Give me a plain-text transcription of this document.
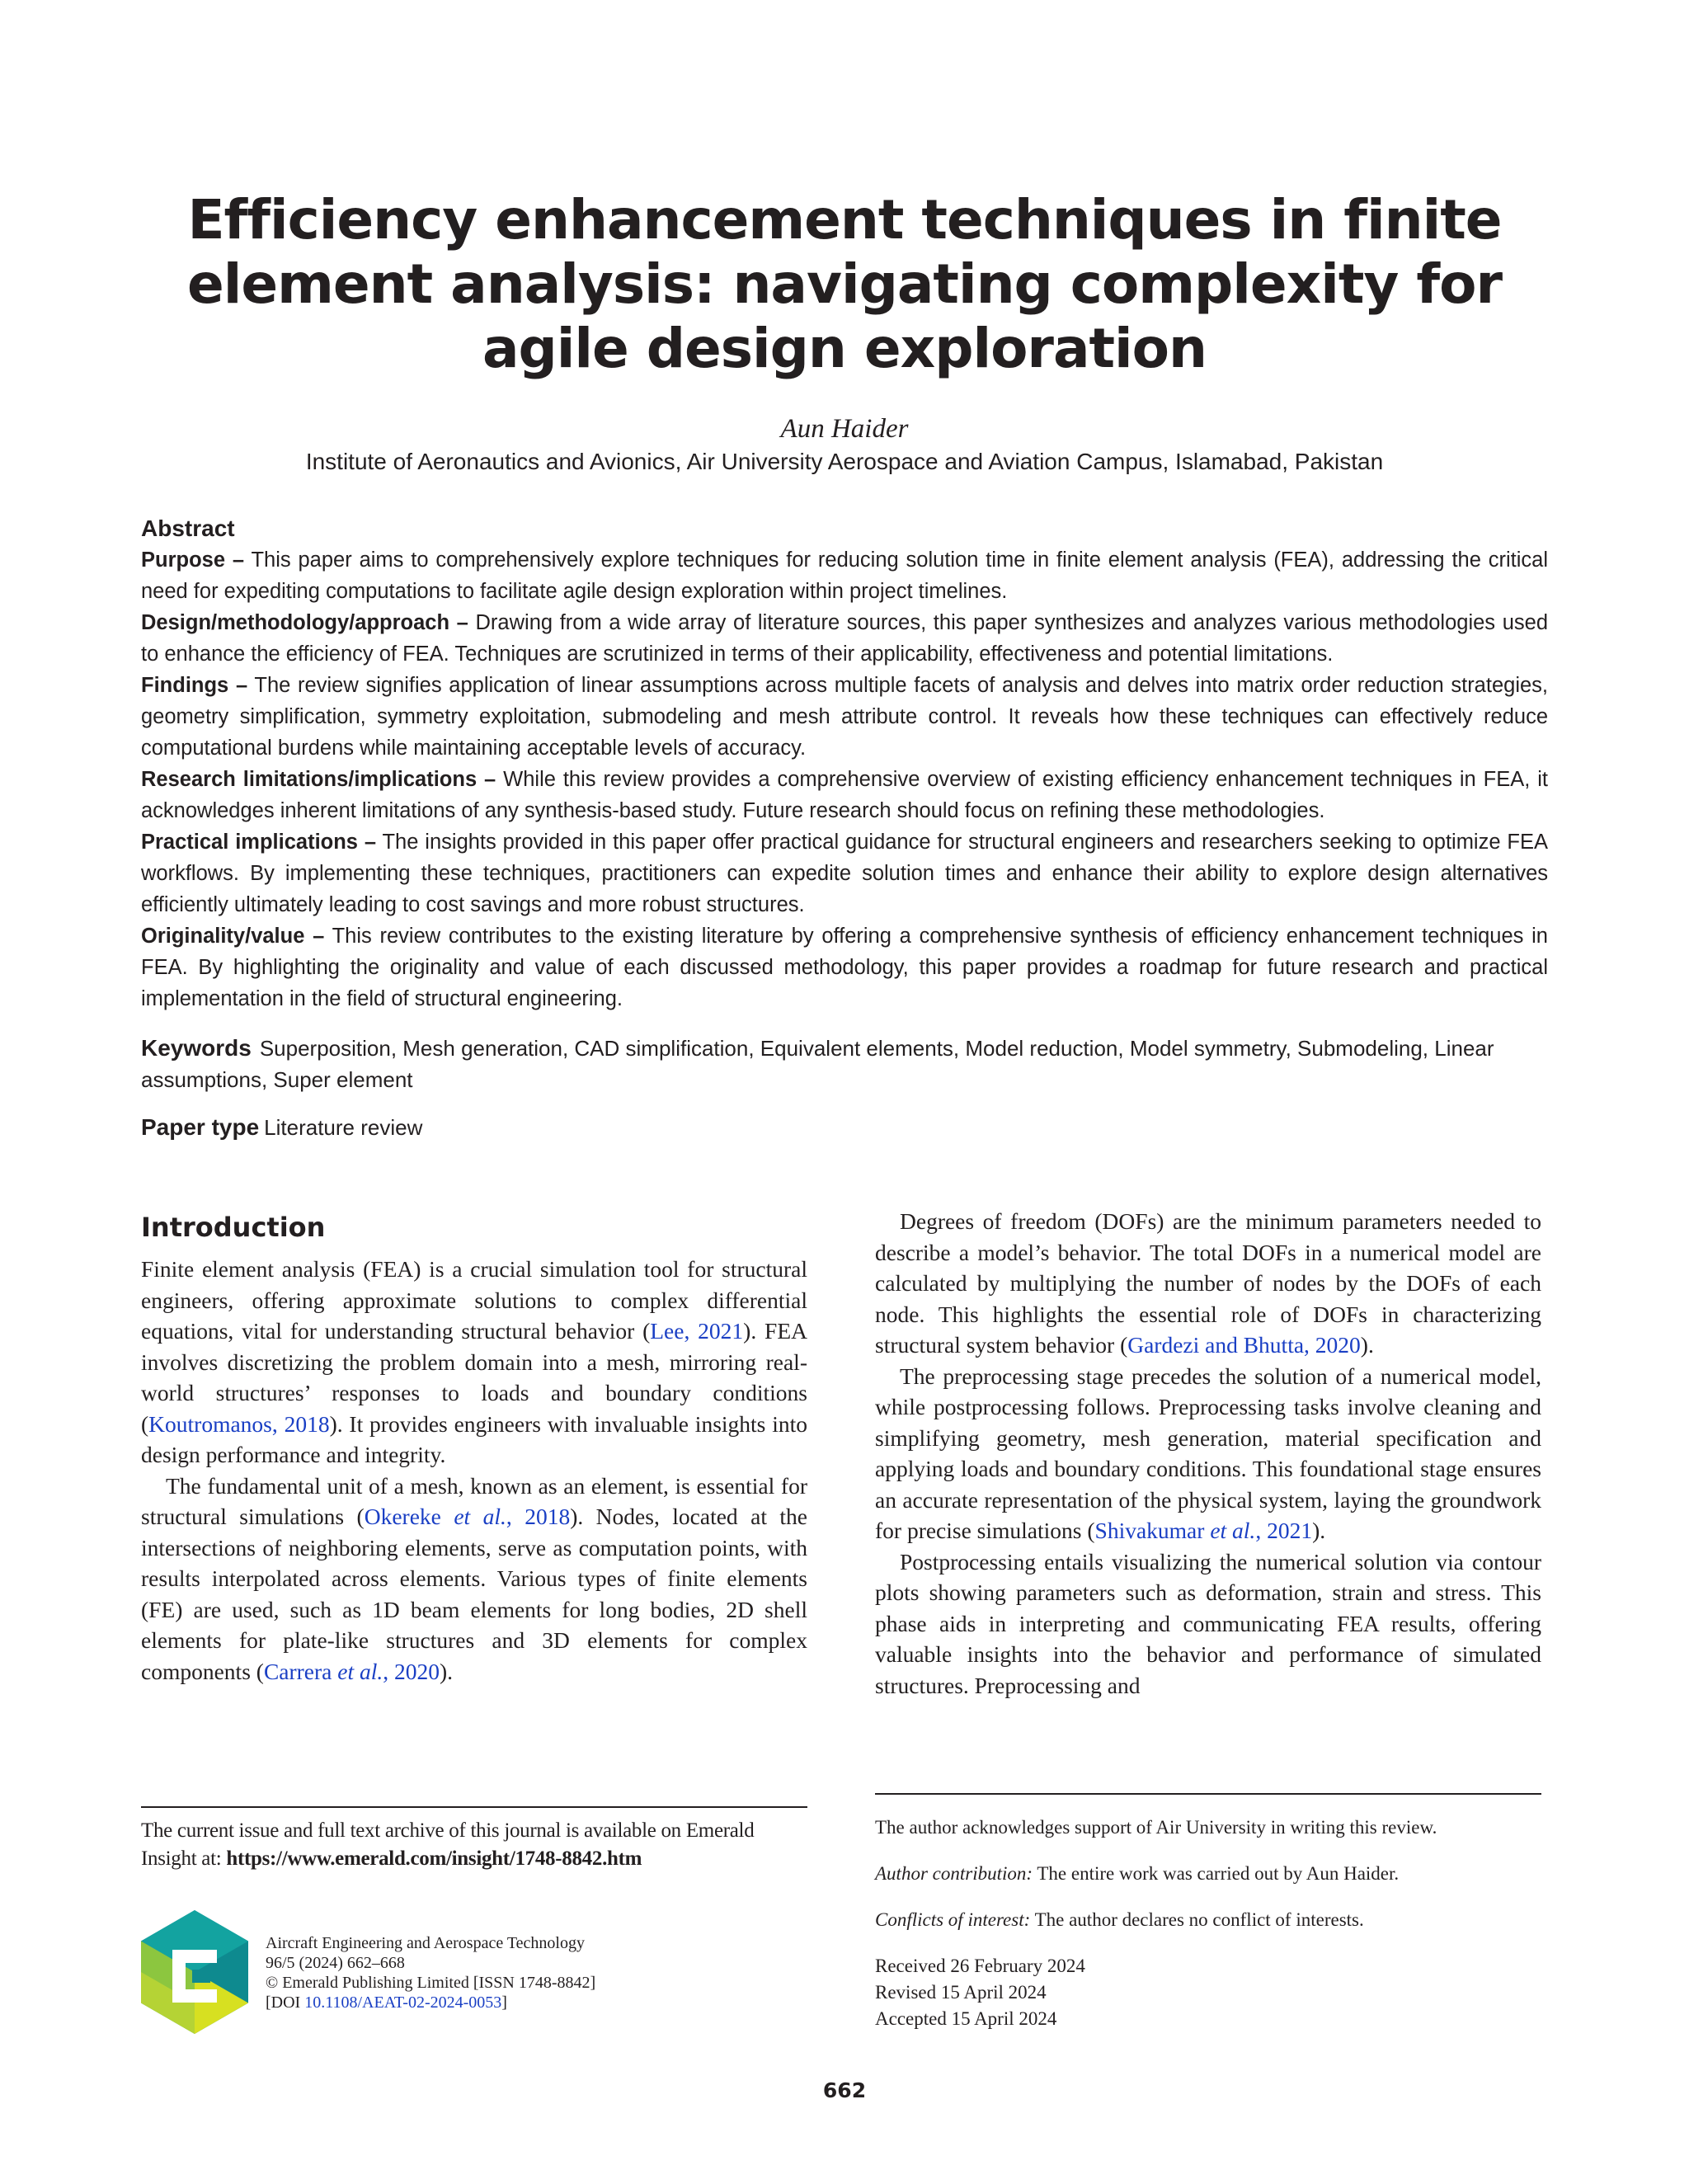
Efficiency enhancement techniques in finite element analysis: navigating complexity for agile design exploration
Aun Haider
Institute of Aeronautics and Avionics, Air University Aerospace and Aviation Campus, Islamabad, Pakistan
Abstract

Purpose – This paper aims to comprehensively explore techniques for reducing solution time in finite element analysis (FEA), addressing the critical need for expediting computations to facilitate agile design exploration within project timelines.

Design/methodology/approach – Drawing from a wide array of literature sources, this paper synthesizes and analyzes various methodologies used to enhance the efficiency of FEA. Techniques are scrutinized in terms of their applicability, effectiveness and potential limitations.

Findings – The review signifies application of linear assumptions across multiple facets of analysis and delves into matrix order reduction strategies, geometry simplification, symmetry exploitation, submodeling and mesh attribute control. It reveals how these techniques can effectively reduce computational burdens while maintaining acceptable levels of accuracy.

Research limitations/implications – While this review provides a comprehensive overview of existing efficiency enhancement techniques in FEA, it acknowledges inherent limitations of any synthesis-based study. Future research should focus on refining these methodologies.

Practical implications – The insights provided in this paper offer practical guidance for structural engineers and researchers seeking to optimize FEA workflows. By implementing these techniques, practitioners can expedite solution times and enhance their ability to explore design alternatives efficiently ultimately leading to cost savings and more robust structures.

Originality/value – This review contributes to the existing literature by offering a comprehensive synthesis of efficiency enhancement techniques in FEA. By highlighting the originality and value of each discussed methodology, this paper provides a roadmap for future research and practical implementation in the field of structural engineering.

Keywords Superposition, Mesh generation, CAD simplification, Equivalent elements, Model reduction, Model symmetry, Submodeling, Linear assumptions, Super element
Paper type Literature review
Introduction

Finite element analysis (FEA) is a crucial simulation tool for structural engineers, offering approximate solutions to complex differential equations, vital for understanding structural behavior (Lee, 2021). FEA involves discretizing the problem domain into a mesh, mirroring real-world structures’ responses to loads and boundary conditions (Koutromanos, 2018). It provides engineers with invaluable insights into design performance and integrity.

The fundamental unit of a mesh, known as an element, is essential for structural simulations (Okereke et al., 2018). Nodes, located at the intersections of neighboring elements, serve as computation points, with results interpolated across elements. Various types of finite elements (FE) are used, such as 1D beam elements for long bodies, 2D shell elements for plate-like structures and 3D elements for complex components (Carrera et al., 2020).

Degrees of freedom (DOFs) are the minimum parameters needed to describe a model’s behavior. The total DOFs in a numerical model are calculated by multiplying the number of nodes by the DOFs of each node. This highlights the essential role of DOFs in characterizing structural system behavior (Gardezi and Bhutta, 2020).

The preprocessing stage precedes the solution of a numerical model, while postprocessing follows. Preprocessing tasks involve cleaning and simplifying geometry, mesh generation, material specification and applying loads and boundary conditions. This foundational stage ensures an accurate representation of the physical system, laying the groundwork for precise simulations (Shivakumar et al., 2021).

Postprocessing entails visualizing the numerical solution via contour plots showing parameters such as deformation, strain and stress. This phase aids in interpreting and communicating FEA results, offering valuable insights into the behavior and performance of simulated structures. Preprocessing and

The current issue and full text archive of this journal is available on Emerald Insight at: https://www.emerald.com/insight/1748-8842.htm
Aircraft Engineering and Aerospace Technology
96/5 (2024) 662–668
© Emerald Publishing Limited [ISSN 1748-8842]
[DOI 10.1108/AEAT-02-2024-0053]
The author acknowledges support of Air University in writing this review.
Author contribution: The entire work was carried out by Aun Haider.
Conflicts of interest: The author declares no conflict of interests.
Received 26 February 2024
Revised 15 April 2024
Accepted 15 April 2024
662
